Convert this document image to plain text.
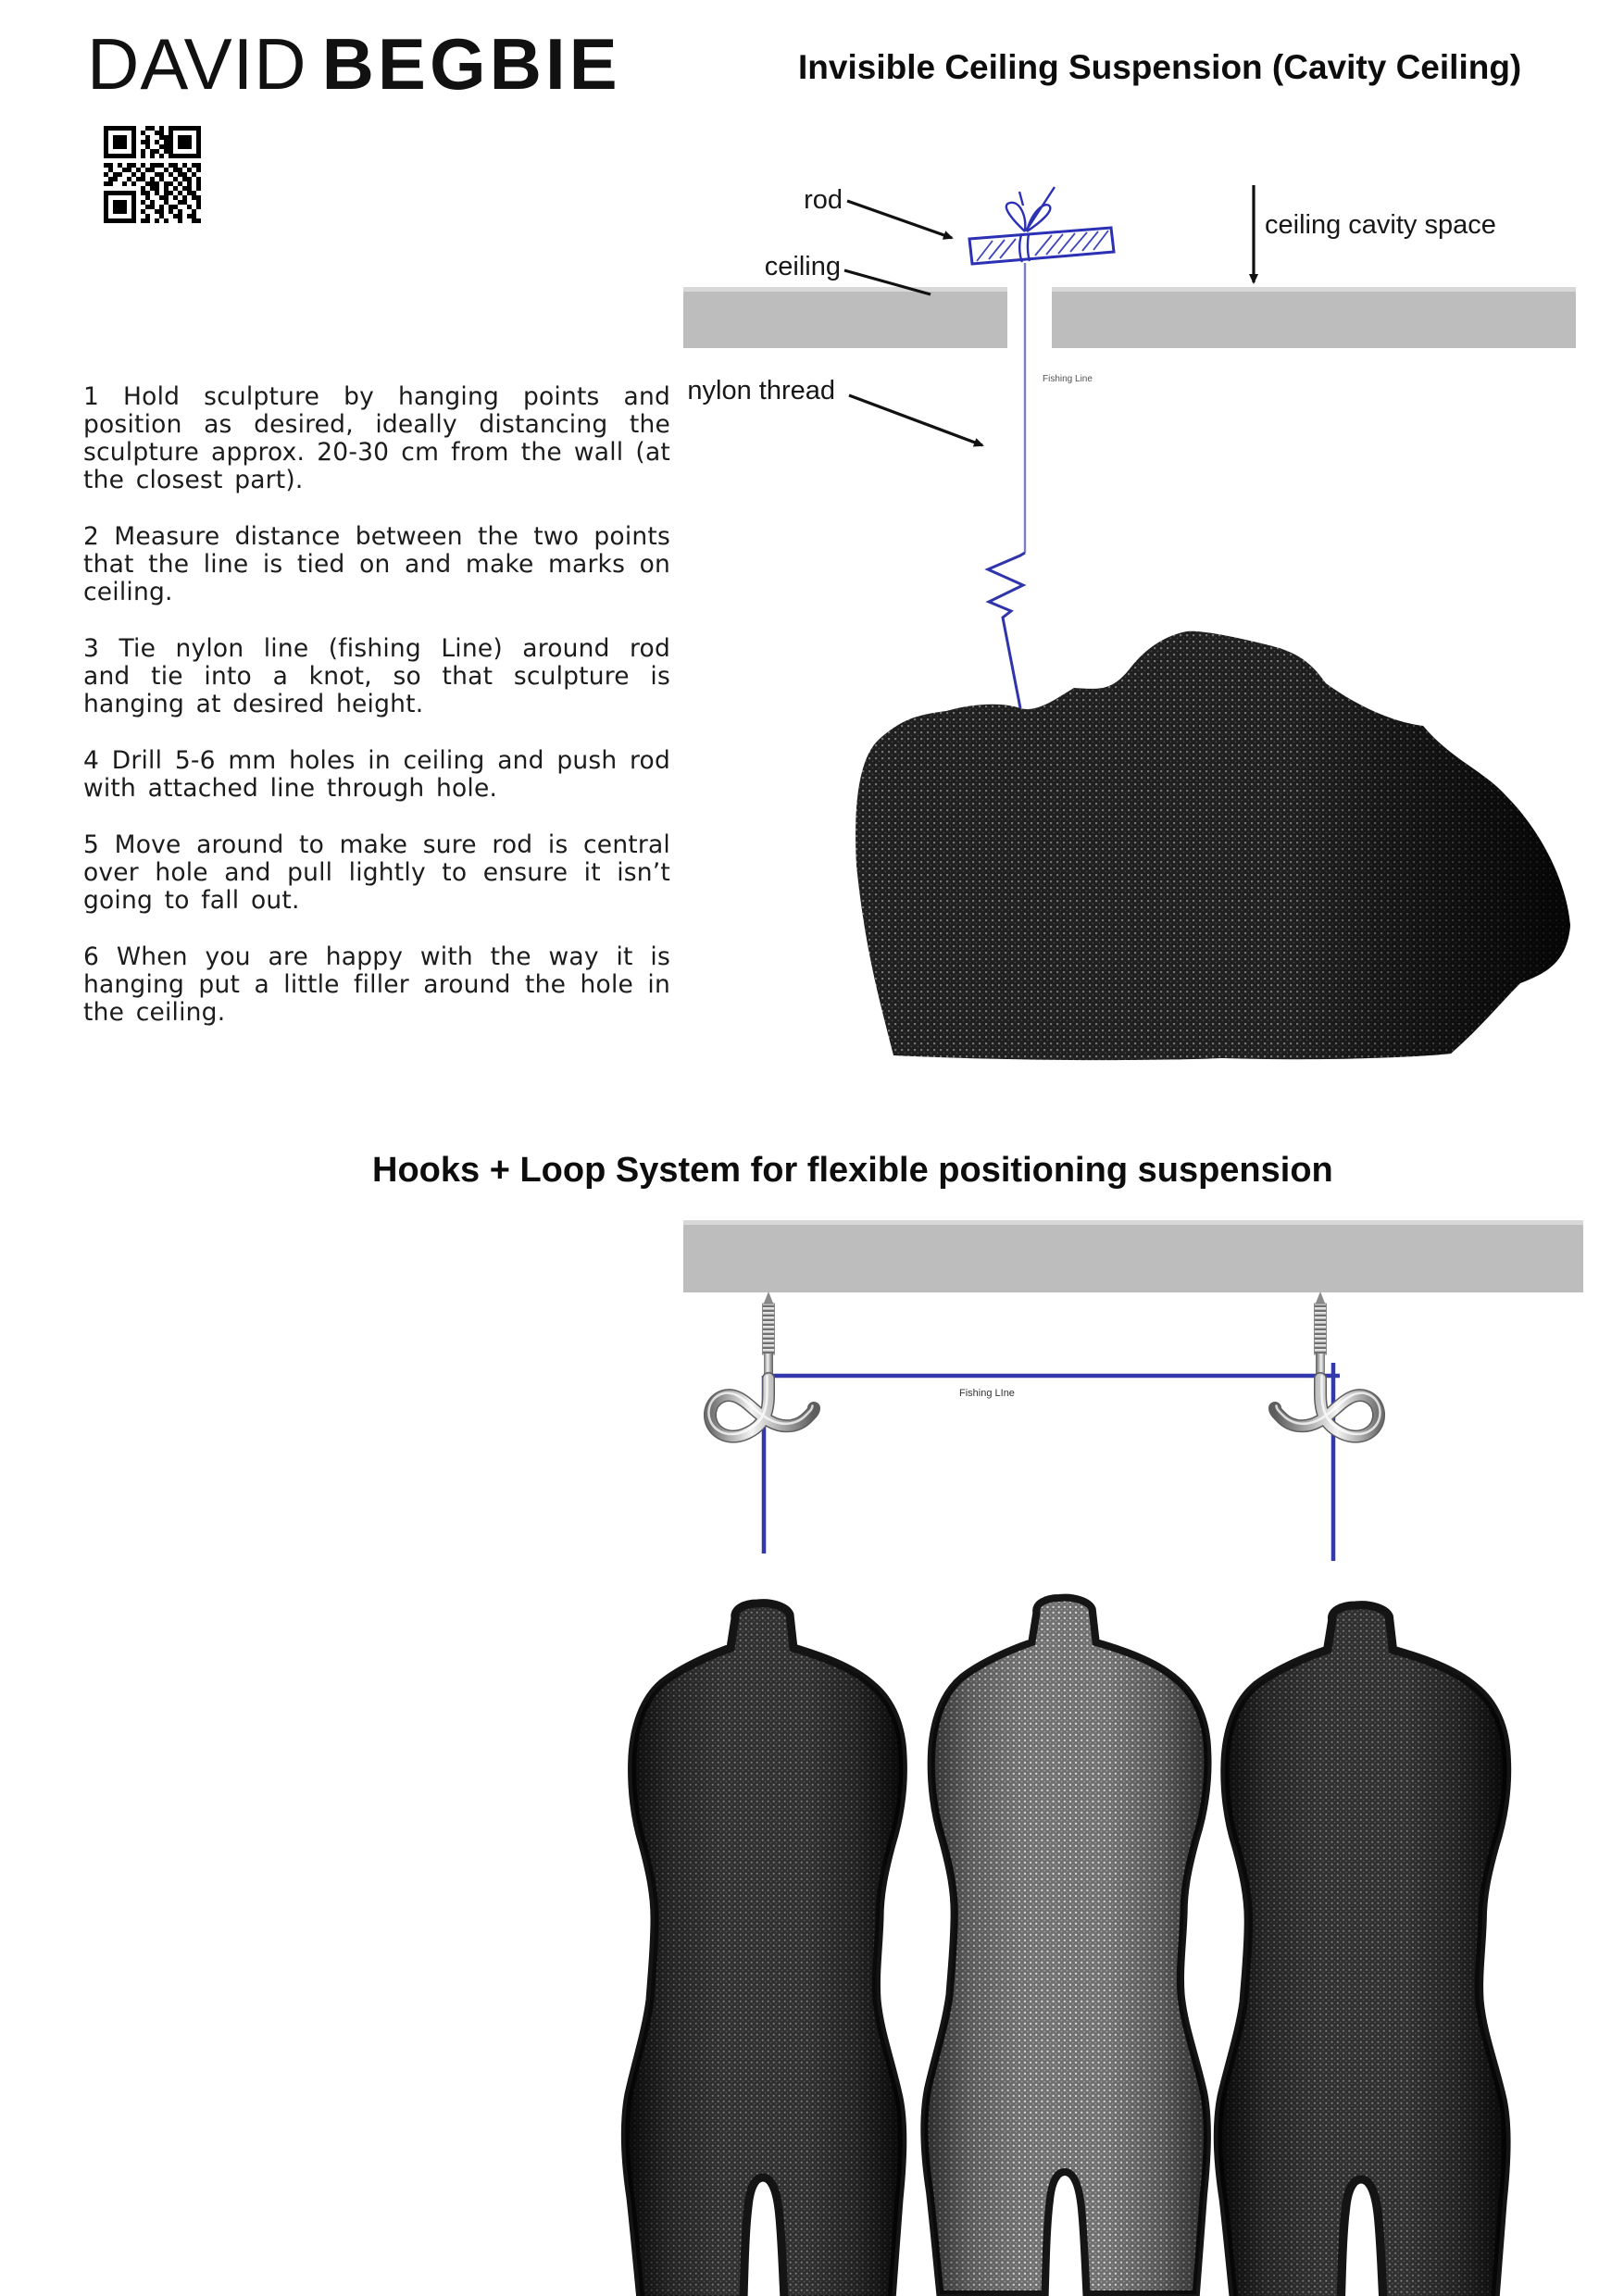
DAVID BEGBIE	Invisible Ceiling Suspension (Cavity Ceiling)
rod
ceiling
ceiling cavity space
nylon thread	Fishing Line

1 Hold sculpture by hanging points and position as desired, ideally distancing the sculpture approx. 20-30 cm from the wall (at the closest part).

2 Measure distance between the two points that the line is tied on and make marks on ceiling.

3 Tie nylon line (fishing Line) around rod and tie into a knot, so that sculpture is hanging at desired height.

4 Drill 5-6 mm holes in ceiling and push rod with attached line through hole.

5 Move around to make sure rod is central over hole and pull lightly to ensure it isn’t going to fall out.

6 When you are happy with the way it is hanging put a little filler around the hole in the ceiling.

Hooks + Loop System for flexible positioning suspension
Fishing LIne
